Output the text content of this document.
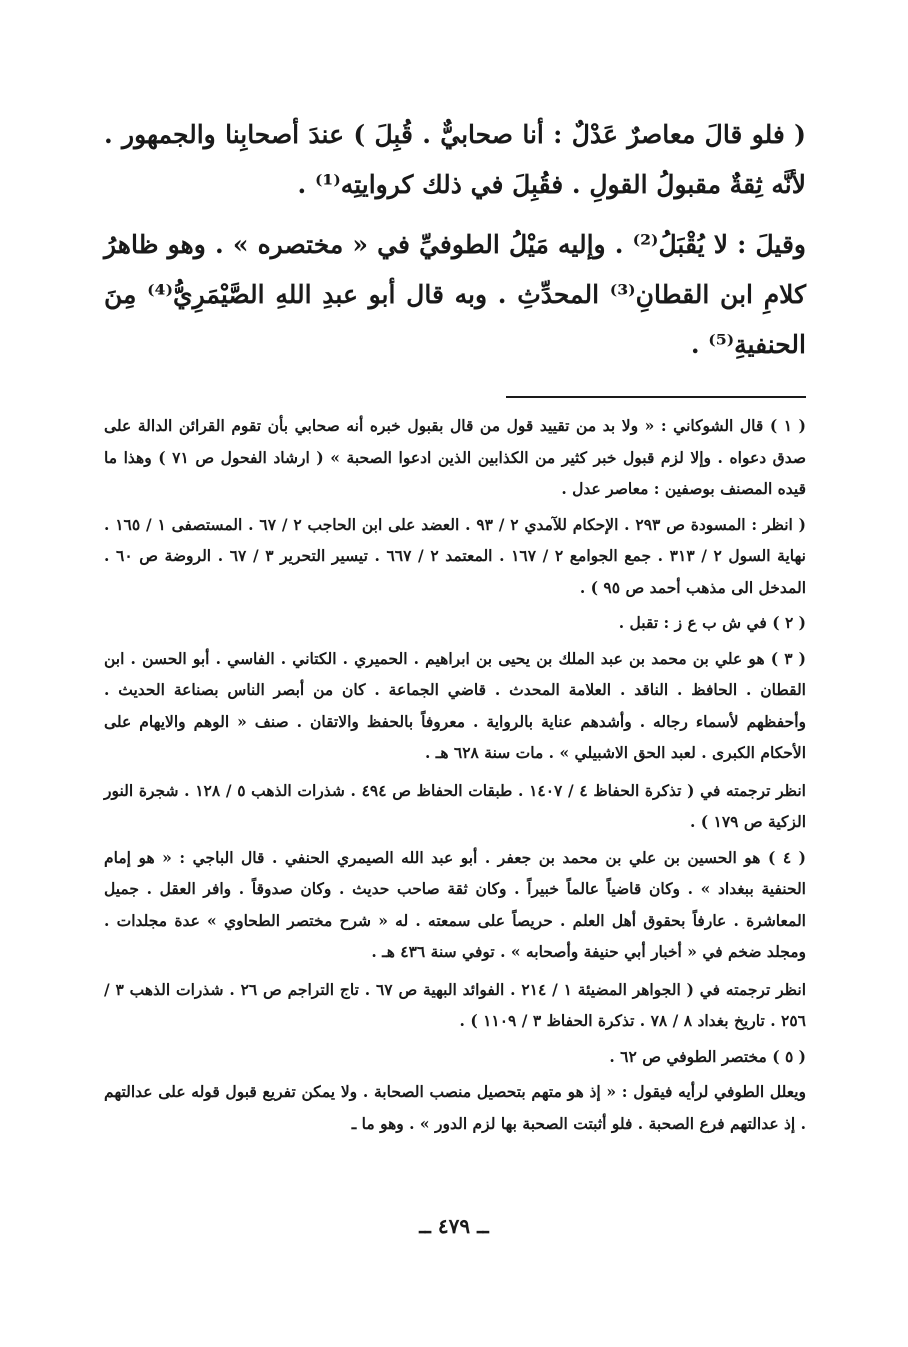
( فلو قالَ معاصرٌ عَدْلٌ : أنا صحابيٌّ . قُبِلَ ) عندَ أصحابِنا والجمهور . لأنَّه ثِقةٌ مقبولُ القولِ . فقُبِلَ في ذلك كروايتِه⁽¹⁾ .

وقيلَ : لا يُقْبَلُ⁽²⁾ . وإليه مَيْلُ الطوفيِّ في « مختصره » . وهو ظاهرُ كلامِ ابن القطانِ⁽³⁾ المحدِّثِ . وبه قال أبو عبدِ اللهِ الصَّيْمَرِيُّ⁽⁴⁾ مِنَ الحنفيةِ⁽⁵⁾ .

( ١ ) قال الشوكاني : « ولا بد من تقييد قول من قال بقبول خبره أنه صحابي بأن تقوم القرائن الدالة على صدق دعواه . وإلا لزم قبول خبر كثير من الكذابين الذين ادعوا الصحبة » ( ارشاد الفحول ص ٧١ ) وهذا ما قيده المصنف بوصفين : معاصر عدل .

( انظر : المسودة ص ٢٩٣ . الإحكام للآمدي ٢ / ٩٣ . العضد على ابن الحاجب ٢ / ٦٧ . المستصفى ١ / ١٦٥ . نهاية السول ٢ / ٣١٣ . جمع الجوامع ٢ / ١٦٧ . المعتمد ٢ / ٦٦٧ . تيسير التحرير ٣ / ٦٧ . الروضة ص ٦٠ . المدخل الى مذهب أحمد ص ٩٥ ) .

( ٢ ) في ش ب ع ز : تقبل .

( ٣ ) هو علي بن محمد بن عبد الملك بن يحيى بن ابراهيم . الحميري . الكتاني . الفاسي . أبو الحسن . ابن القطان . الحافظ . الناقد . العلامة المحدث . قاضي الجماعة . كان من أبصر الناس بصناعة الحديث . وأحفظهم لأسماء رجاله . وأشدهم عناية بالرواية . معروفاً بالحفظ والاتقان . صنف « الوهم والايهام على الأحكام الكبرى . لعبد الحق الاشبيلي » . مات سنة ٦٢٨ هـ .

انظر ترجمته في ( تذكرة الحفاظ ٤ / ١٤٠٧ . طبقات الحفاظ ص ٤٩٤ . شذرات الذهب ٥ / ١٢٨ . شجرة النور الزكية ص ١٧٩ ) .

( ٤ ) هو الحسين بن علي بن محمد بن جعفر . أبو عبد الله الصيمري الحنفي . قال الباجي : « هو إمام الحنفية ببغداد » . وكان قاضياً عالماً خبيراً . وكان ثقة صاحب حديث . وكان صدوقاً . وافر العقل . جميل المعاشرة . عارفاً بحقوق أهل العلم . حريصاً على سمعته . له « شرح مختصر الطحاوي » عدة مجلدات . ومجلد ضخم في « أخبار أبي حنيفة وأصحابه » . توفي سنة ٤٣٦ هـ .

انظر ترجمته في ( الجواهر المضيئة ١ / ٢١٤ . الفوائد البهية ص ٦٧ . تاج التراجم ص ٢٦ . شذرات الذهب ٣ / ٢٥٦ . تاريخ بغداد ٨ / ٧٨ . تذكرة الحفاظ ٣ / ١١٠٩ ) .

( ٥ ) مختصر الطوفي ص ٦٢ .

ويعلل الطوفي لرأيه فيقول : « إذ هو متهم بتحصيل منصب الصحابة . ولا يمكن تفريع قبول قوله على عدالتهم . إذ عدالتهم فرع الصحبة . فلو أثبتت الصحبة بها لزم الدور » . وهو ما ـ

ــ ٤٧٩ ــ
